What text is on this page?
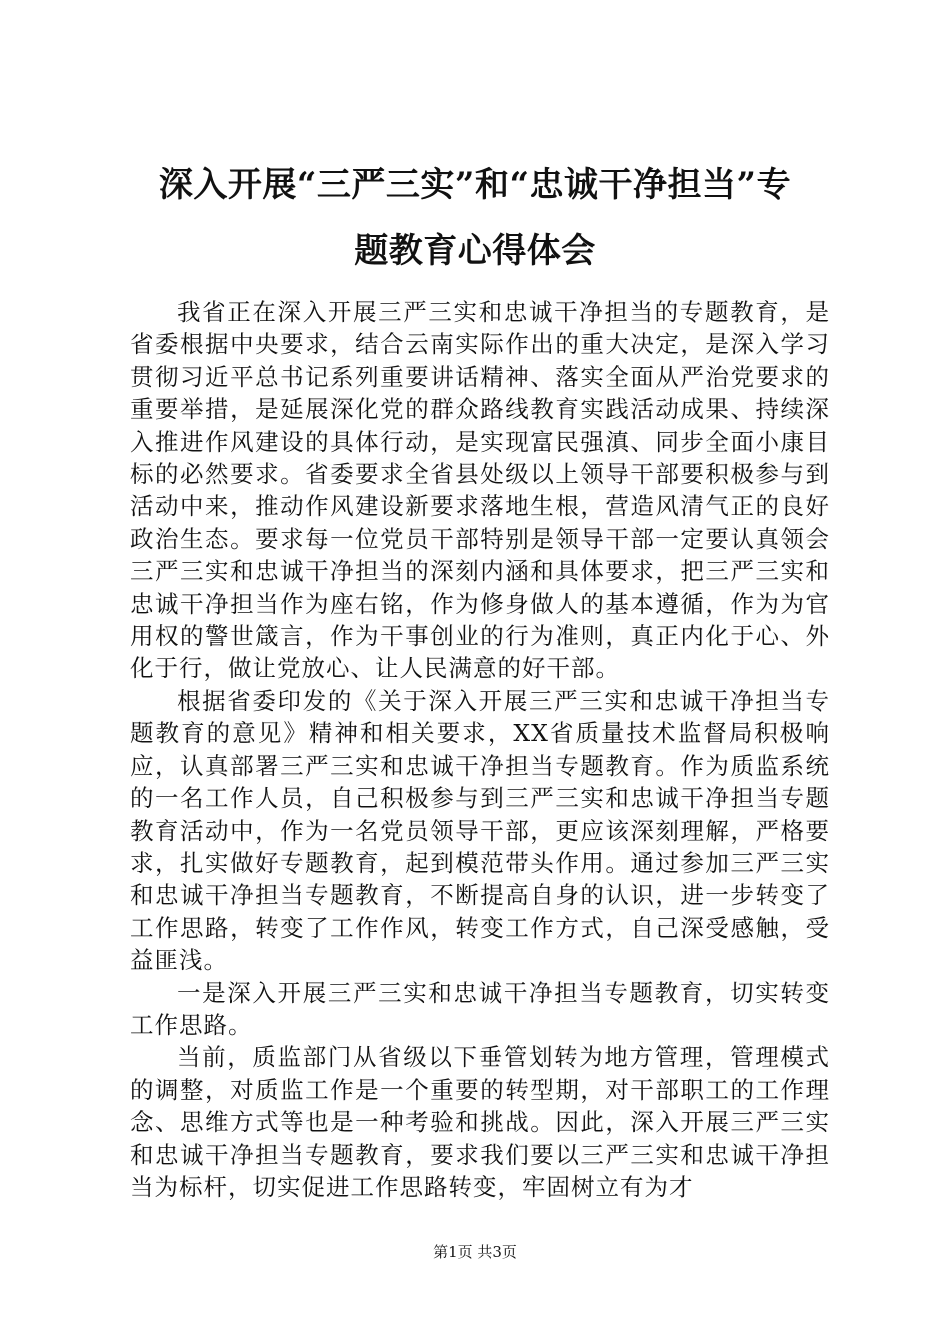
深入开展“三严三实”和“忠诚干净担当”专
题教育心得体会

我省正在深入开展三严三实和忠诚干净担当的专题教育，是省委根据中央要求，结合云南实际作出的重大决定，是深入学习贯彻习近平总书记系列重要讲话精神、落实全面从严治党要求的重要举措，是延展深化党的群众路线教育实践活动成果、持续深入推进作风建设的具体行动，是实现富民强滇、同步全面小康目标的必然要求。省委要求全省县处级以上领导干部要积极参与到活动中来，推动作风建设新要求落地生根，营造风清气正的良好政治生态。要求每一位党员干部特别是领导干部一定要认真领会三严三实和忠诚干净担当的深刻内涵和具体要求，把三严三实和忠诚干净担当作为座右铭，作为修身做人的基本遵循，作为为官用权的警世箴言，作为干事创业的行为准则，真正内化于心、外化于行，做让党放心、让人民满意的好干部。

根据省委印发的《关于深入开展三严三实和忠诚干净担当专题教育的意见》精神和相关要求，XX省质量技术监督局积极响应，认真部署三严三实和忠诚干净担当专题教育。作为质监系统的一名工作人员，自己积极参与到三严三实和忠诚干净担当专题教育活动中，作为一名党员领导干部，更应该深刻理解，严格要求，扎实做好专题教育，起到模范带头作用。通过参加三严三实和忠诚干净担当专题教育，不断提高自身的认识，进一步转变了工作思路，转变了工作作风，转变工作方式，自己深受感触，受益匪浅。

一是深入开展三严三实和忠诚干净担当专题教育，切实转变工作思路。

当前，质监部门从省级以下垂管划转为地方管理，管理模式的调整，对质监工作是一个重要的转型期，对干部职工的工作理念、思维方式等也是一种考验和挑战。因此，深入开展三严三实和忠诚干净担当专题教育，要求我们要以三严三实和忠诚干净担当为标杆，切实促进工作思路转变，牢固树立有为才

第1页 共3页
